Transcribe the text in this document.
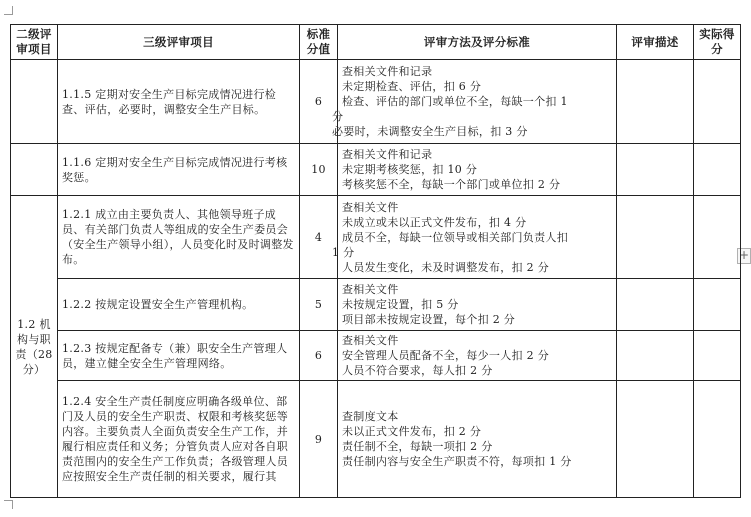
+
二级评审项目	三级评审项目	标准分值	评审方法及评分标准	评审描述	实际得分
	1.1.5 定期对安全生产目标完成情况进行检查、评估，必要时，调整安全生产目标。	6	查相关文件和记录
未定期检查、评估，扣 6 分
检查、评估的部门或单位不全，每缺一个扣 1
分
必要时，未调整安全生产目标，扣 3 分		

	1.1.6 定期对安全生产目标完成情况进行考核奖惩。	10	查相关文件和记录
未定期考核奖惩，扣 10 分
考核奖惩不全，每缺一个部门或单位扣 2 分		

1.2 机构与职责（28分）	1.2.1 成立由主要负责人、其他领导班子成员、有关部门负责人等组成的安全生产委员会（安全生产领导小组），人员变化时及时调整发布。	4	查相关文件
未成立或未以正式文件发布，扣 4 分
成员不全，每缺一位领导或相关部门负责人扣
1 分
人员发生变化，未及时调整发布，扣 2 分		

	1.2.2 按规定设置安全生产管理机构。	5	查相关文件
未按规定设置，扣 5 分
项目部未按规定设置，每个扣 2 分		

	1.2.3 按规定配备专（兼）职安全生产管理人员，建立健全安全生产管理网络。	6	查相关文件
安全管理人员配备不全，每少一人扣 2 分
人员不符合要求，每人扣 2 分		

	1.2.4 安全生产责任制度应明确各级单位、部门及人员的安全生产职责、权限和考核奖惩等内容。主要负责人全面负责安全生产工作，并履行相应责任和义务；分管负责人应对各自职责范围内的安全生产工作负责；各级管理人员应按照安全生产责任制的相关要求，履行其	9	查制度文本
未以正式文件发布，扣 2 分
责任制不全，每缺一项扣 2 分
责任制内容与安全生产职责不符，每项扣 1 分		
